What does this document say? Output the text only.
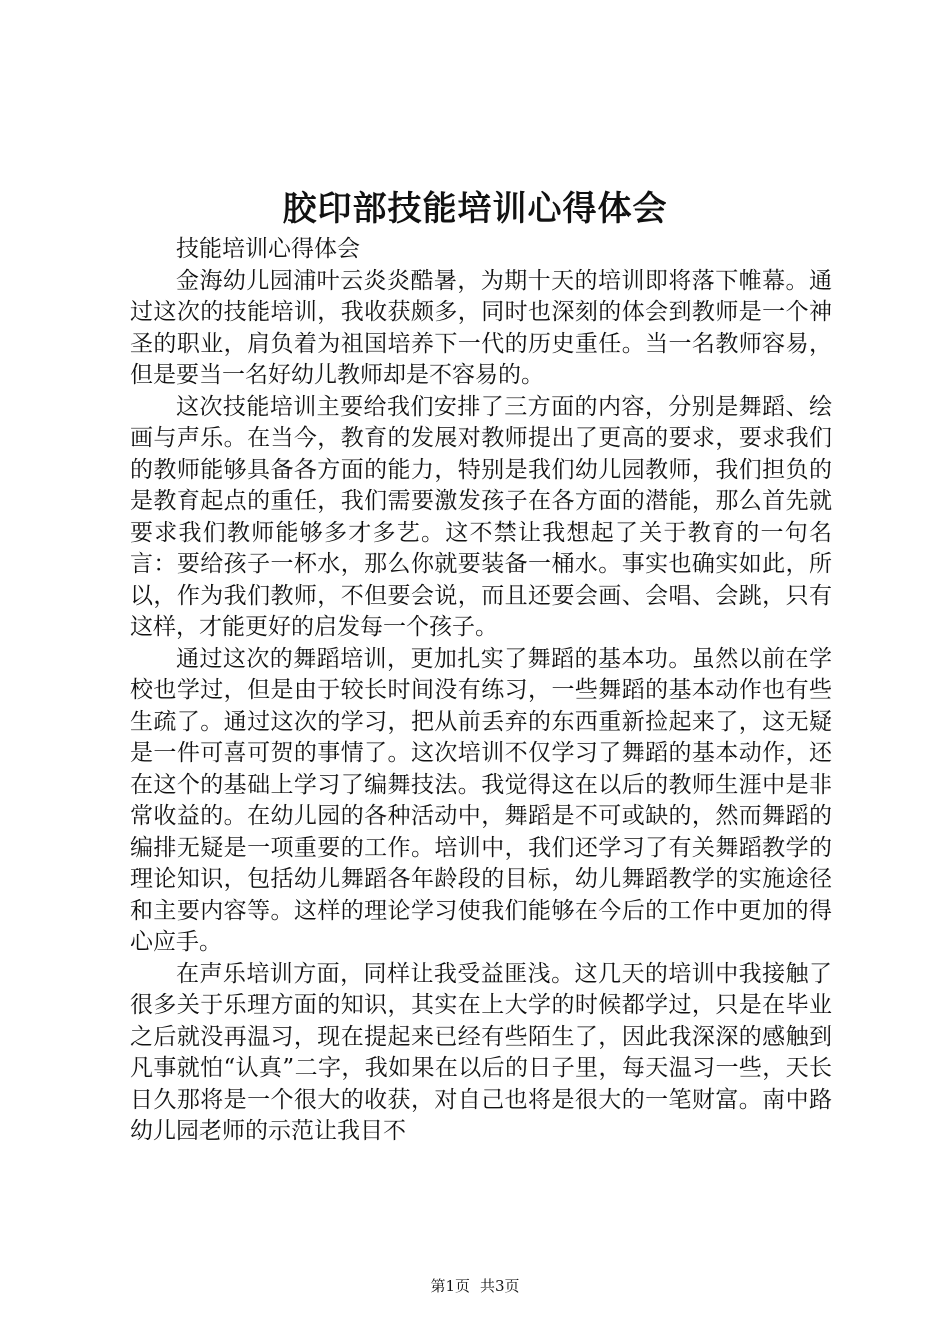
胶印部技能培训心得体会

技能培训心得体会

金海幼儿园浦叶云炎炎酷暑，为期十天的培训即将落下帷幕。通过这次的技能培训，我收获颇多，同时也深刻的体会到教师是一个神圣的职业，肩负着为祖国培养下一代的历史重任。当一名教师容易，但是要当一名好幼儿教师却是不容易的。

这次技能培训主要给我们安排了三方面的内容，分别是舞蹈、绘画与声乐。在当今，教育的发展对教师提出了更高的要求，要求我们的教师能够具备各方面的能力，特别是我们幼儿园教师，我们担负的是教育起点的重任，我们需要激发孩子在各方面的潜能，那么首先就要求我们教师能够多才多艺。这不禁让我想起了关于教育的一句名言：要给孩子一杯水，那么你就要装备一桶水。事实也确实如此，所以，作为我们教师，不但要会说，而且还要会画、会唱、会跳，只有这样，才能更好的启发每一个孩子。

通过这次的舞蹈培训，更加扎实了舞蹈的基本功。虽然以前在学校也学过，但是由于较长时间没有练习，一些舞蹈的基本动作也有些生疏了。通过这次的学习，把从前丢弃的东西重新捡起来了，这无疑是一件可喜可贺的事情了。这次培训不仅学习了舞蹈的基本动作，还在这个的基础上学习了编舞技法。我觉得这在以后的教师生涯中是非常收益的。在幼儿园的各种活动中，舞蹈是不可或缺的，然而舞蹈的编排无疑是一项重要的工作。培训中，我们还学习了有关舞蹈教学的理论知识，包括幼儿舞蹈各年龄段的目标，幼儿舞蹈教学的实施途径和主要内容等。这样的理论学习使我们能够在今后的工作中更加的得心应手。

在声乐培训方面，同样让我受益匪浅。这几天的培训中我接触了很多关于乐理方面的知识，其实在上大学的时候都学过，只是在毕业之后就没再温习，现在提起来已经有些陌生了，因此我深深的感触到凡事就怕“认真”二字，我如果在以后的日子里，每天温习一些，天长日久那将是一个很大的收获，对自己也将是很大的一笔财富。南中路幼儿园老师的示范让我目不

第1页 共3页
